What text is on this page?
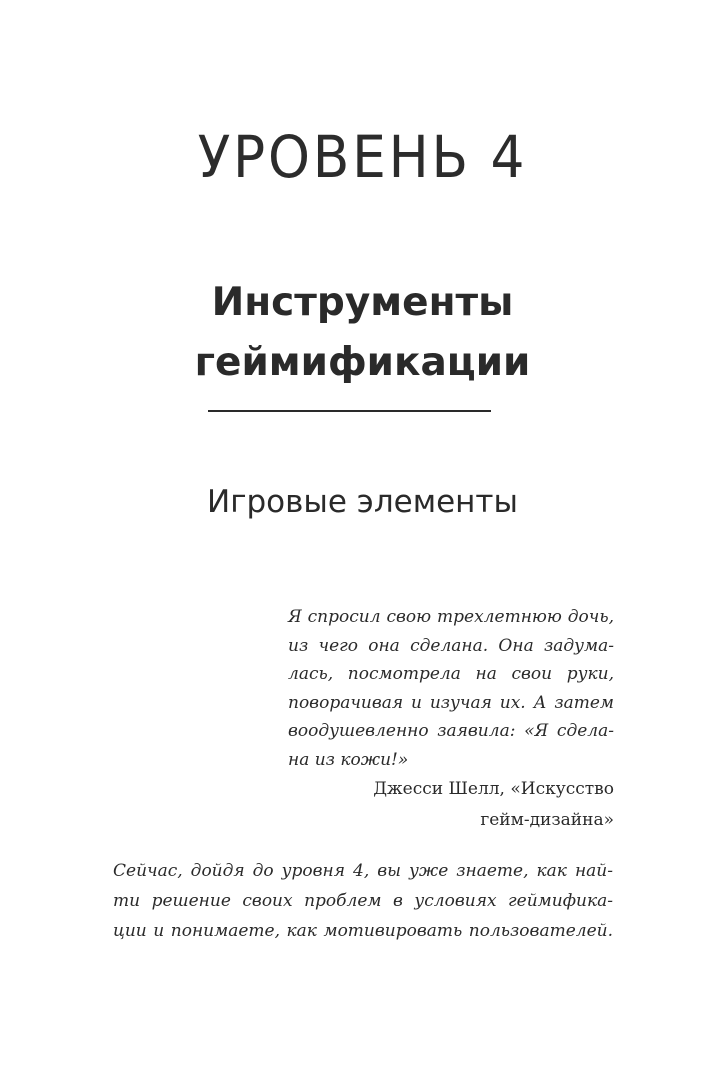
УРОВЕНЬ 4
Инструменты
геймификации
Игровые элементы
Я спросил свою трехлетнюю дочь,
из чего она сделана. Она задума-
лась, посмотрела на свои руки,
поворачивая и изучая их. А затем
воодушевленно заявила: «Я сдела-
на из кожи!»
Джесси Шелл, «Искусство
гейм-дизайна»
Сейчас, дойдя до уровня 4, вы уже знаете, как най-
ти решение своих проблем в условиях геймифика-
ции и понимаете, как мотивировать пользователей.
